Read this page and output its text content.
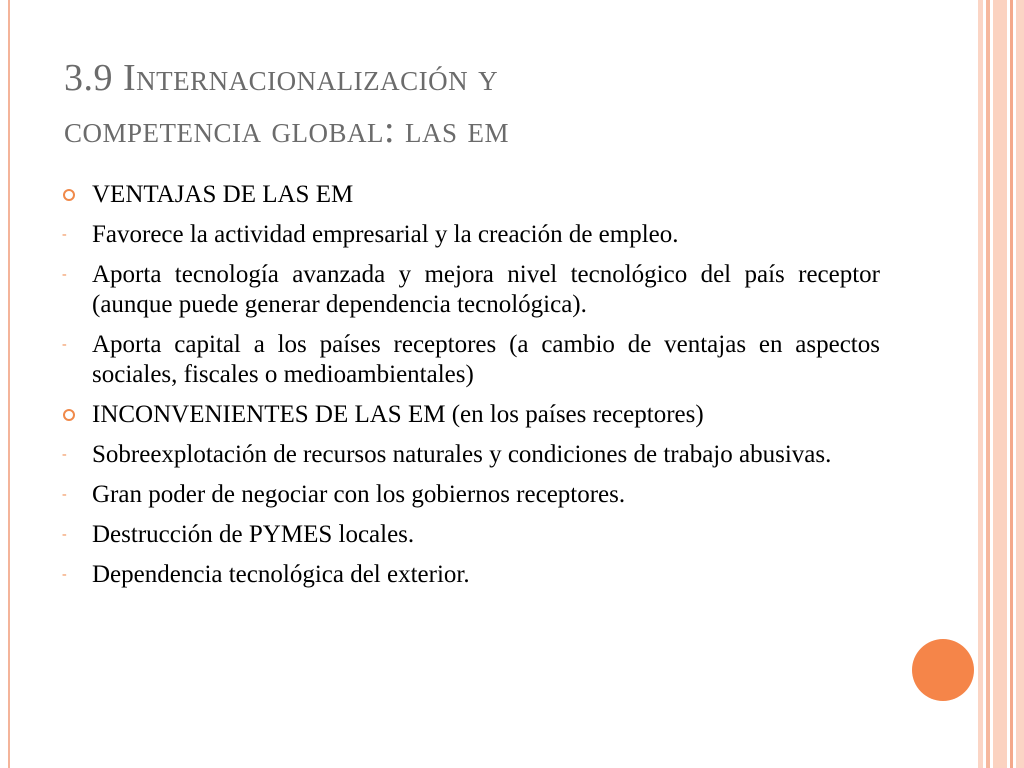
3.9 Internacionalización y
competencia global: las em
VENTAJAS DE LAS EM
- Favorece la actividad empresarial y la creación de empleo.
- Aporta tecnología avanzada y mejora nivel tecnológico del país receptor (aunque puede generar dependencia tecnológica).
- Aporta capital a los países receptores (a cambio de ventajas en aspectos sociales, fiscales o medioambientales)
INCONVENIENTES DE LAS EM (en los países receptores)
- Sobreexplotación de recursos naturales y condiciones de trabajo abusivas.
- Gran poder de negociar con los gobiernos receptores.
- Destrucción de PYMES locales.
- Dependencia tecnológica del exterior.
